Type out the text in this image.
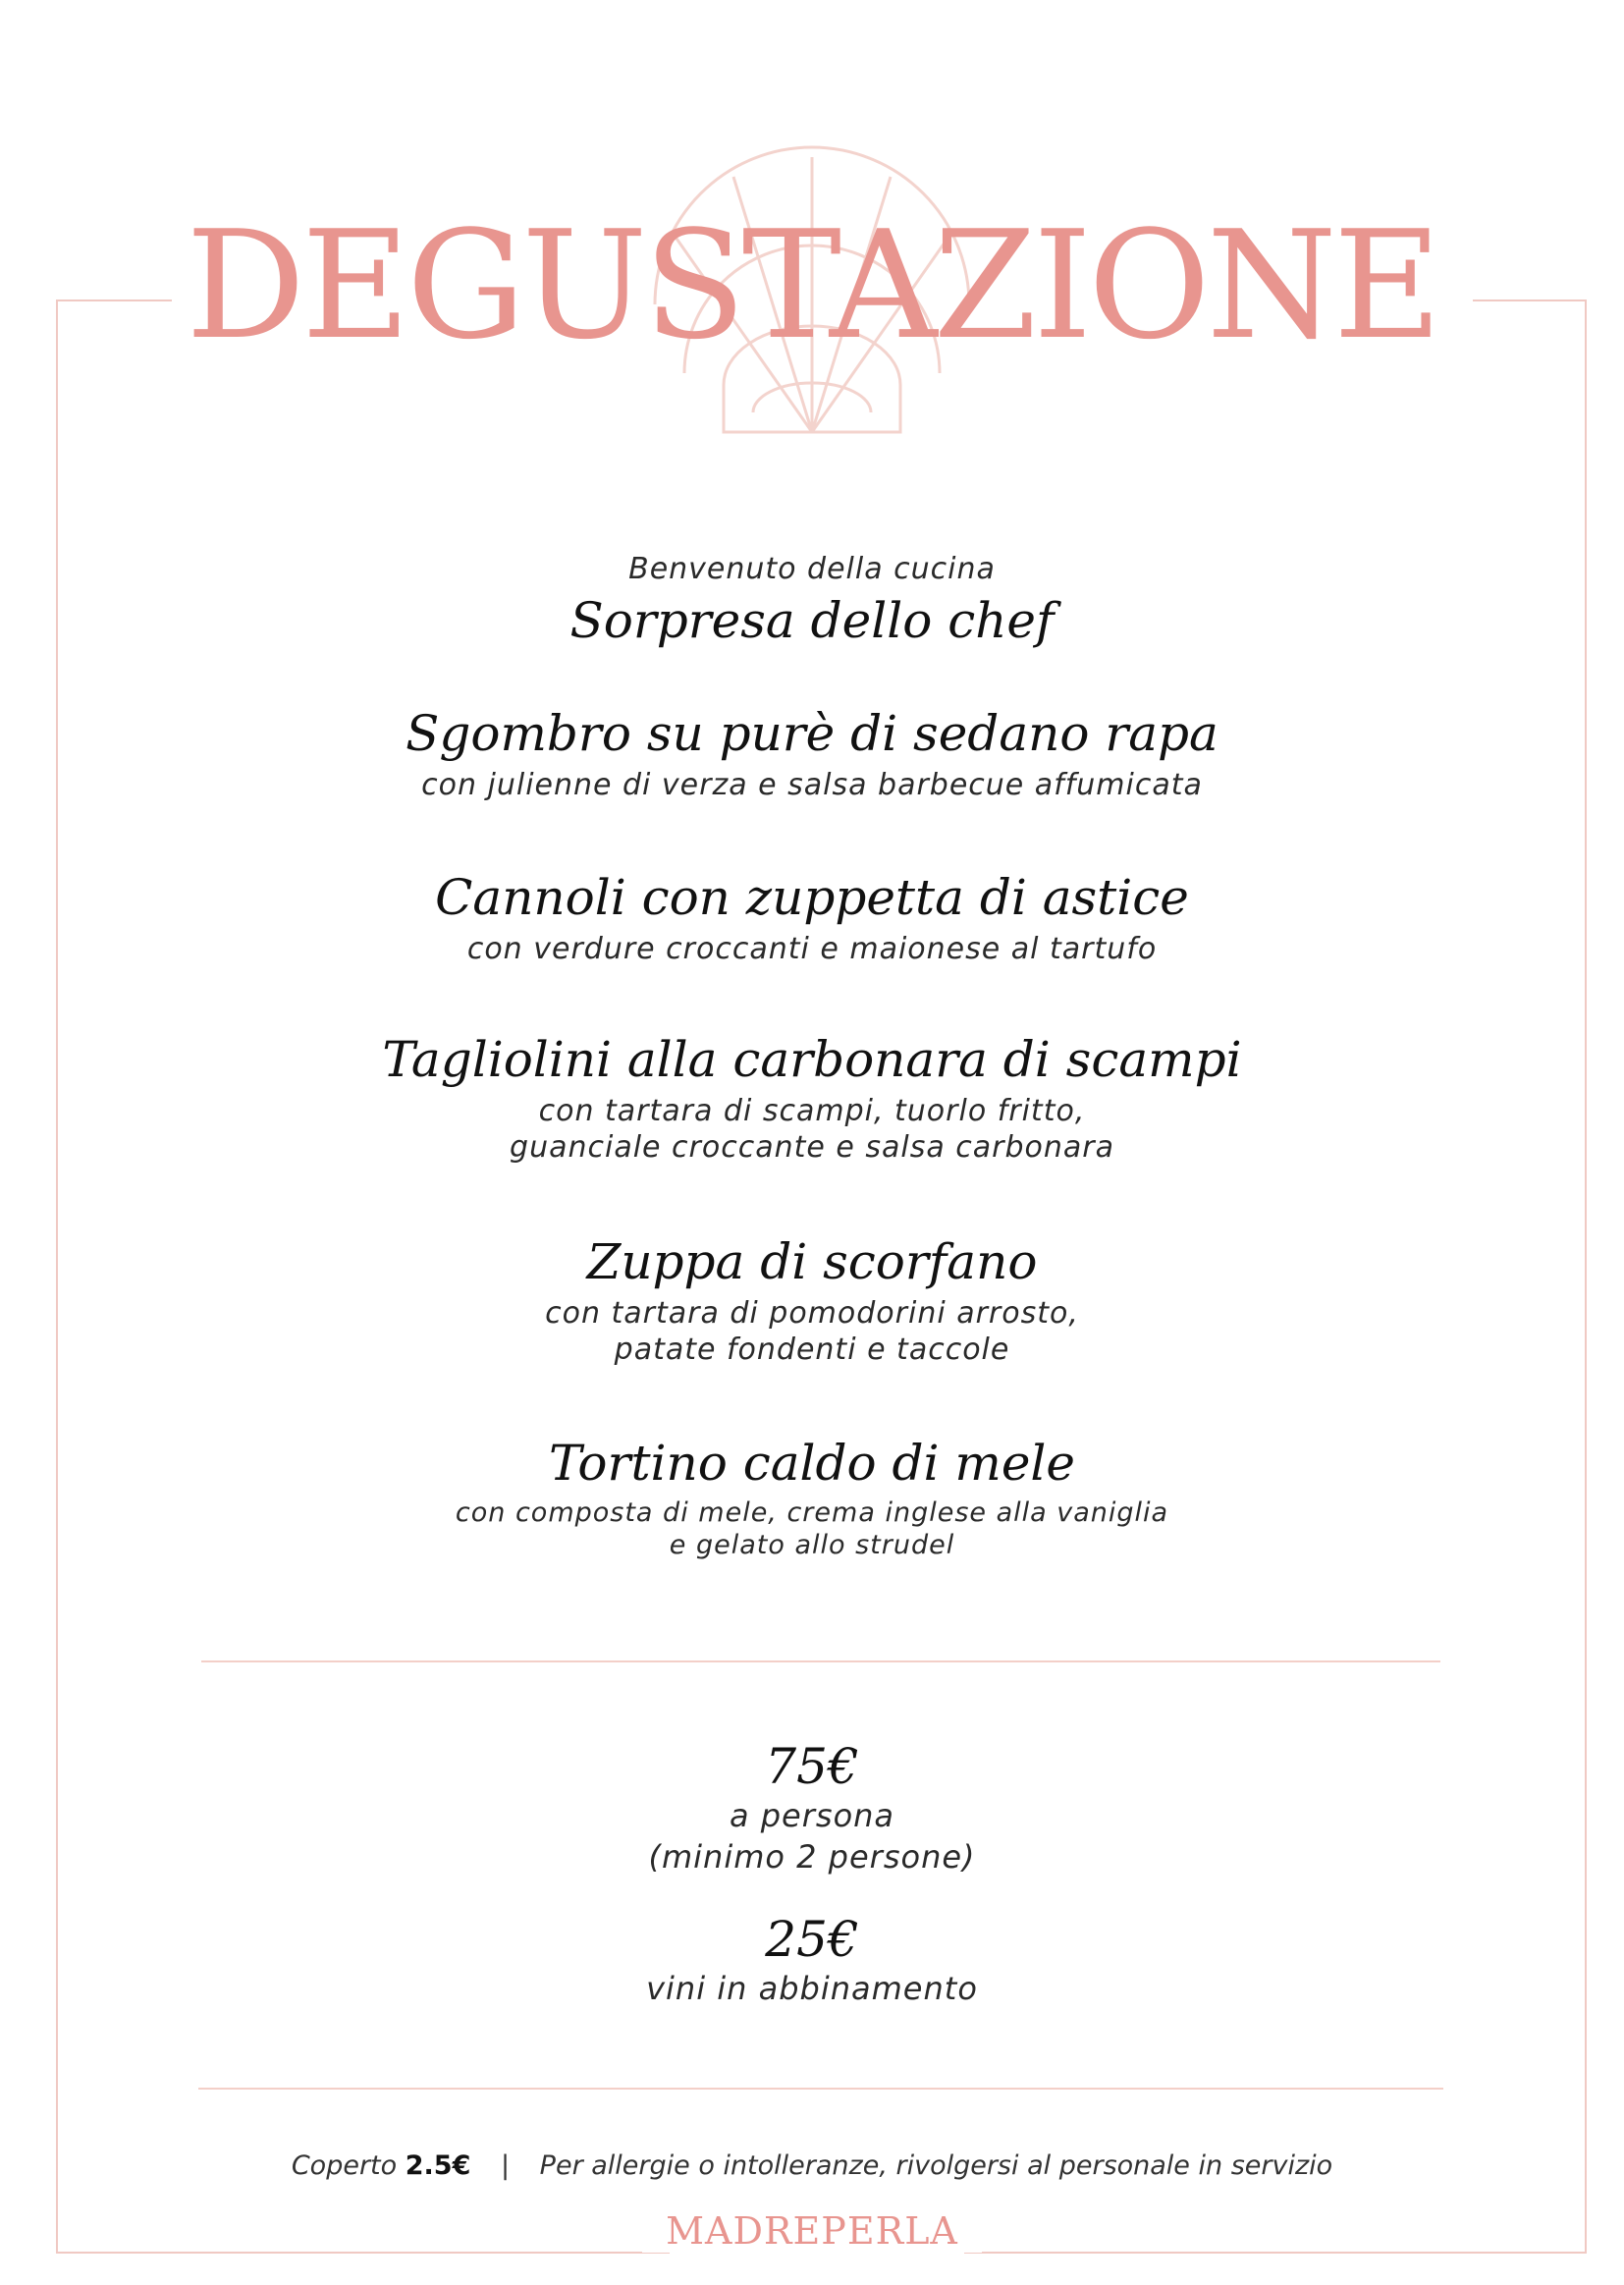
DEGUSTAZIONE
Benvenuto della cucina
Sorpresa dello chef
Sgombro su purè di sedano rapa
con julienne di verza e salsa barbecue affumicata
Cannoli con zuppetta di astice
con verdure croccanti e maionese al tartufo
Tagliolini alla carbonara di scampi
con tartara di scampi, tuorlo fritto,
guanciale croccante e salsa carbonara
Zuppa di scorfano
con tartara di pomodorini arrosto,
patate fondenti e taccole
Tortino caldo di mele
con composta di mele, crema inglese alla vaniglia
e gelato allo strudel
75€
a persona
(minimo 2 persone)
25€
vini in abbinamento
Coperto 2.5€ | Per allergie o intolleranze, rivolgersi al personale in servizio
MADREPERLA
